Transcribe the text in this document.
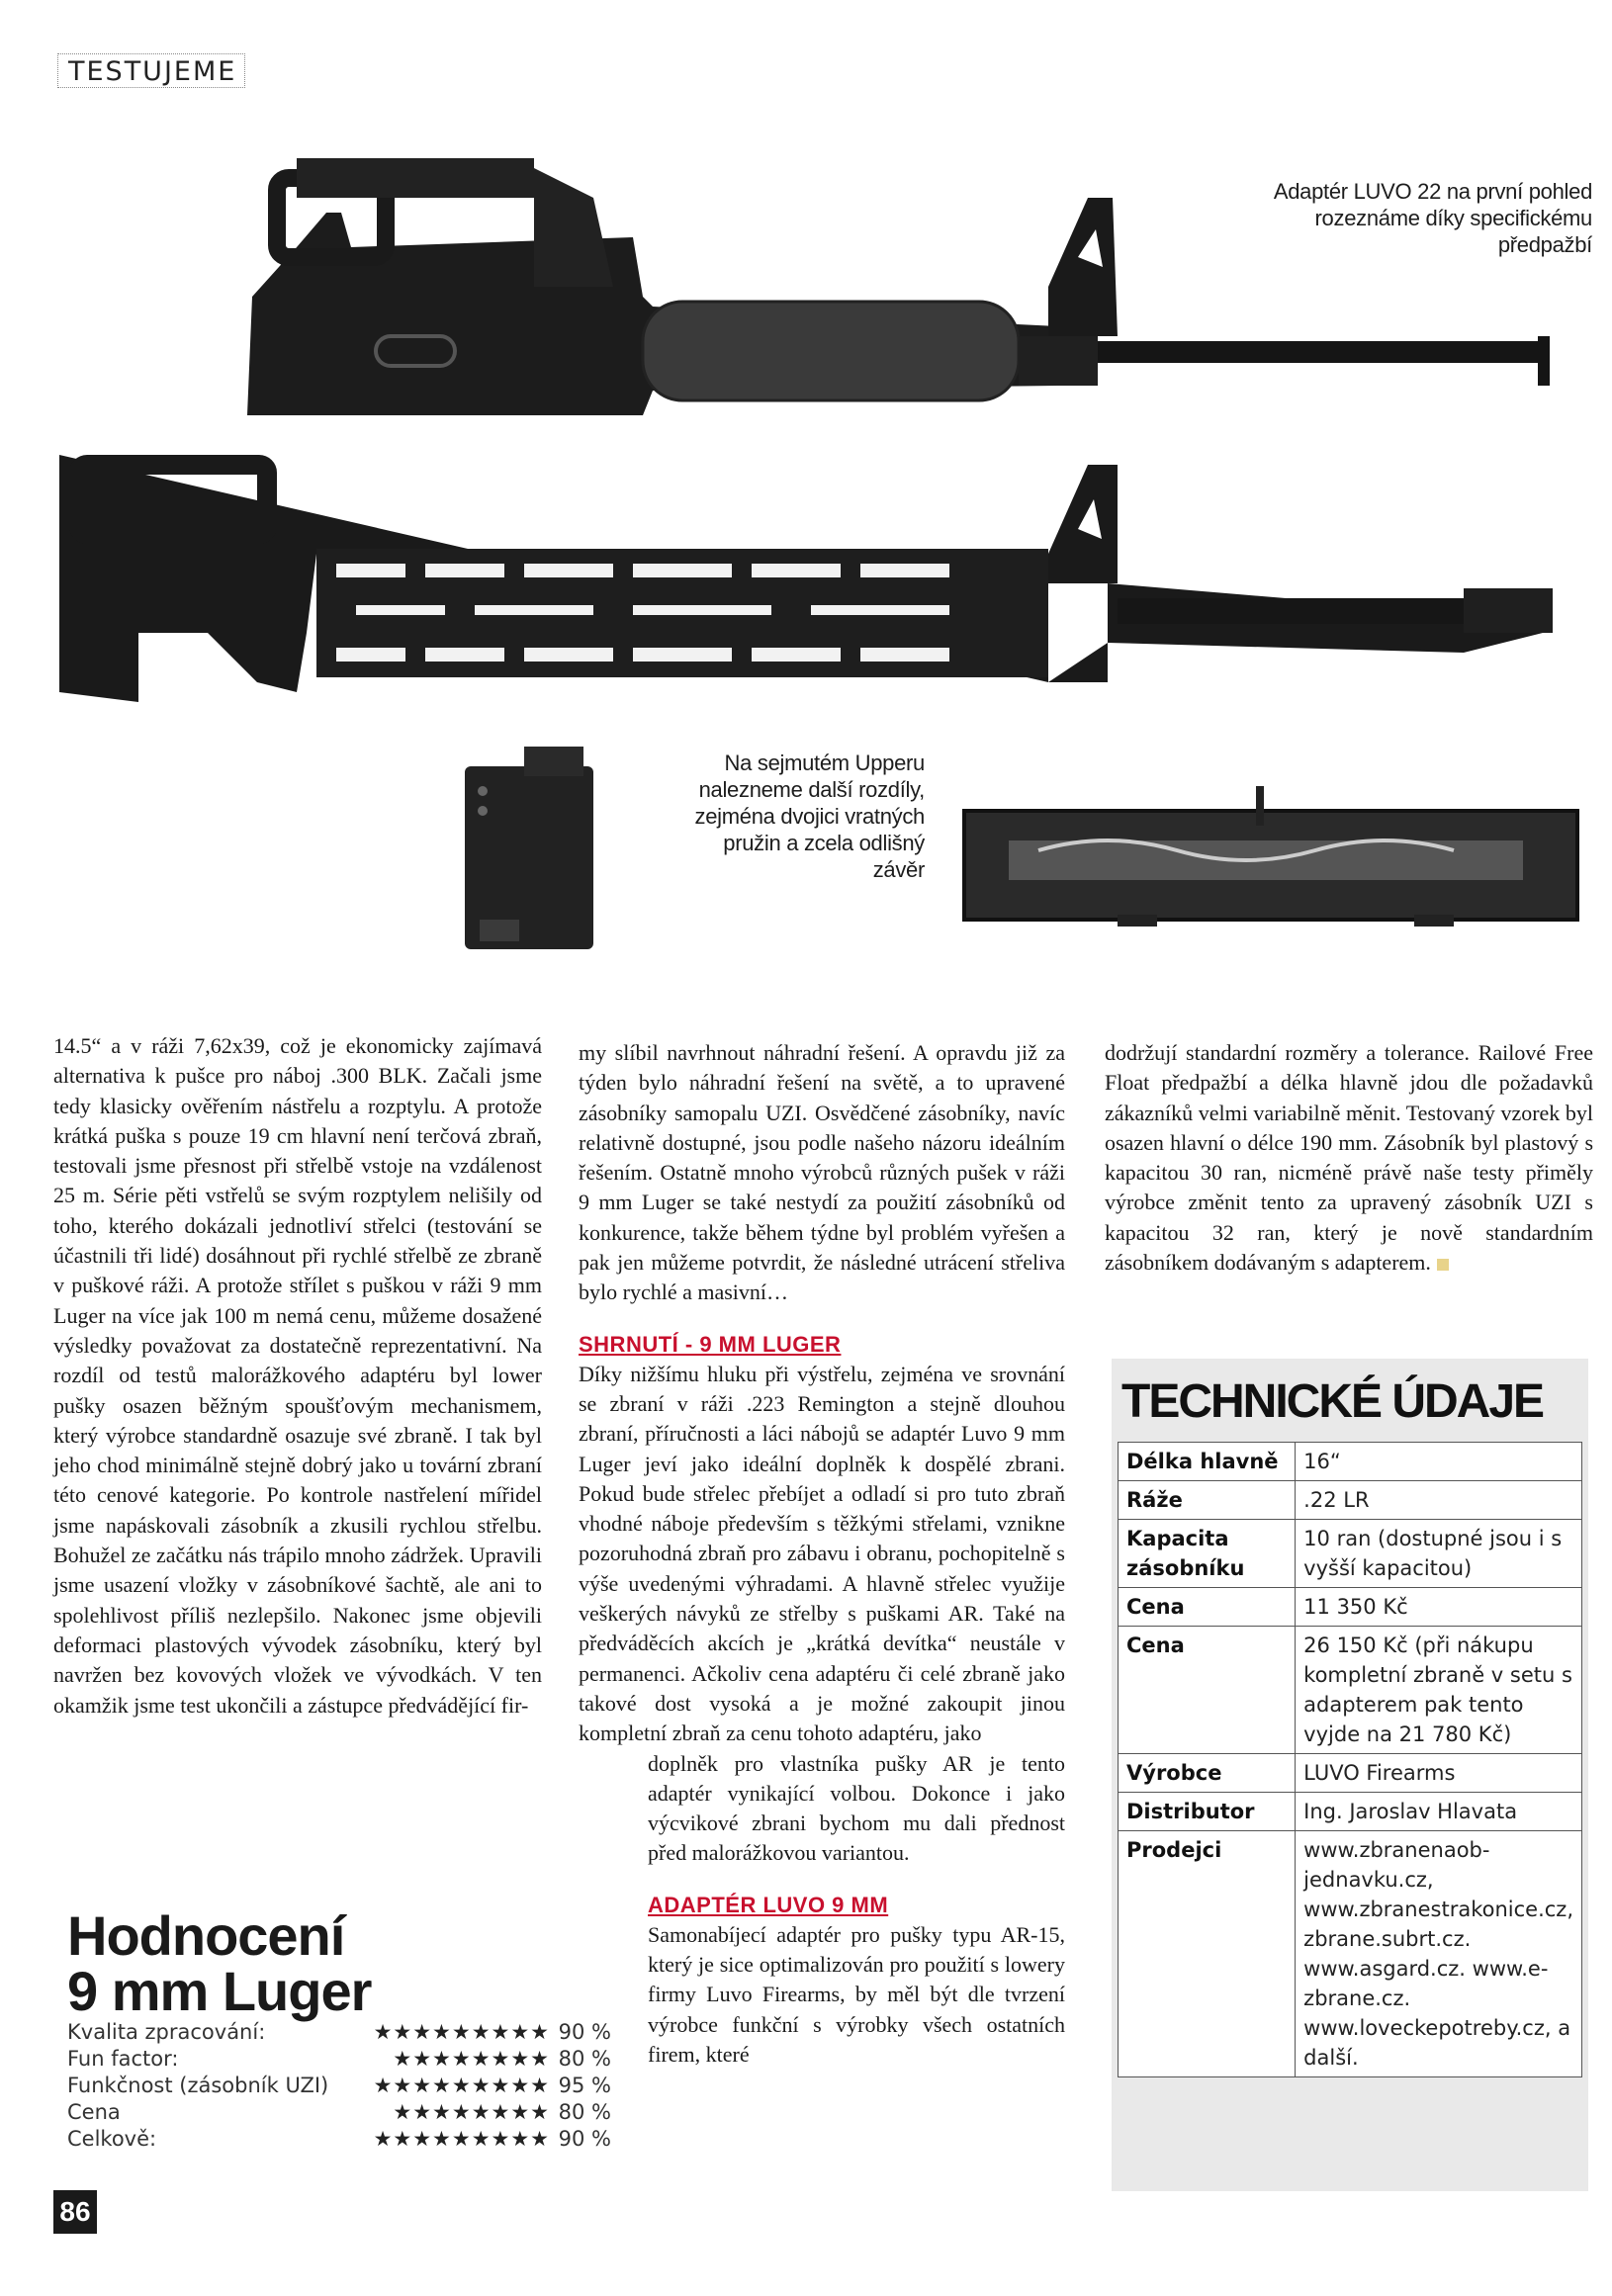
TESTUJEME
Adaptér LUVO 22 na první pohled rozeznáme díky specifickému předpažbí
Na sejmutém Upperu nalezneme další rozdíly, zejména dvojici vratných pružin a zcela odlišný závěr

14.5“ a v ráži 7,62x39, což je ekonomicky zajímavá alternativa k pušce pro náboj .300 BLK. Začali jsme tedy klasicky ověřením nástřelu a rozptylu. A protože krátká puška s pouze 19 cm hlavní není terčová zbraň, testovali jsme přesnost při střelbě vstoje na vzdálenost 25 m. Série pěti vstřelů se svým rozptylem nelišily od toho, kterého dokázali jednotliví střelci (testování se účastnili tři lidé) dosáhnout při rychlé střelbě ze zbraně v puškové ráži. A protože střílet s puškou v ráži 9 mm Luger na více jak 100 m nemá cenu, můžeme dosažené výsledky považovat za dostatečně reprezentativní. Na rozdíl od testů malorážkového adaptéru byl lower pušky osazen běžným spoušťovým mechanismem, který výrobce standardně osazuje své zbraně. I tak byl jeho chod minimálně stejně dobrý jako u tovární zbraní této cenové kategorie. Po kontrole nastřelení mířidel jsme napáskovali zásobník a zkusili rychlou střelbu. Bohužel ze začátku nás trápilo mnoho zádržek. Upravili jsme usazení vložky v zásobníkové šachtě, ale ani to spolehlivost příliš nezlepšilo. Nakonec jsme objevili deformaci plastových vývodek zásobníku, který byl navržen bez kovových vložek ve vývodkách. V ten okamžik jsme test ukončili a zástupce předvádějící fir-

my slíbil navrhnout náhradní řešení. A opravdu již za týden bylo náhradní řešení na světě, a to upravené zásobníky samopalu UZI. Osvědčené zásobníky, navíc relativně dostupné, jsou podle našeho názoru ideálním řešením. Ostatně mnoho výrobců různých pušek v ráži 9 mm Luger se také nestydí za použití zásobníků od konkurence, takže během týdne byl problém vyřešen a pak jen můžeme potvrdit, že následné utrácení střeliva bylo rychlé a masivní…

SHRNUTÍ - 9 MM LUGER

Díky nižšímu hluku při výstřelu, zejména ve srovnání se zbraní v ráži .223 Remington a stejně dlouhou zbraní, příručnosti a láci nábojů se adaptér Luvo 9 mm Luger jeví jako ideální doplněk k dospělé zbrani. Pokud bude střelec přebíjet a odladí si pro tuto zbraň vhodné náboje především s těžkými střelami, vznikne pozoruhodná zbraň pro zábavu i obranu, pochopitelně s výše uvedenými výhradami. A hlavně střelec využije veškerých návyků ze střelby s puškami AR. Také na předváděcích akcích je „krátká devítka“ neustále v permanenci. Ačkoliv cena adaptéru či celé zbraně jako takové dost vysoká a je možné zakoupit jinou kompletní zbraň za cenu tohoto adaptéru, jako

doplněk pro vlastníka pušky AR je tento adaptér vynikající volbou. Dokonce i jako výcvikové zbrani bychom mu dali přednost před malorážkovou variantou.

ADAPTÉR LUVO 9 MM

Samonabíjecí adaptér pro pušky typu AR-15, který je sice optimalizován pro použití s lowery firmy Luvo Firearms, by měl být dle tvrzení výrobce funkční s výrobky všech ostatních firem, které

dodržují standardní rozměry a tolerance. Railové Free Float předpažbí a délka hlavně jdou dle požadavků zákazníků velmi variabilně měnit. Testovaný vzorek byl osazen hlavní o délce 190 mm. Zásobník byl plastový s kapacitou 30 ran, nicméně právě naše testy přiměly výrobce změnit tento za upravený zásobník UZI s kapacitou 32 ran, který je nově standardním zásobníkem dodávaným s adapterem.

Hodnocení

9 mm Luger

Kvalita zpracování:	★★★★★★★★★ 90 %
Fun factor:	★★★★★★★★ 80 %
Funkčnost (zásobník UZI)	★★★★★★★★★ 95 %
Cena	★★★★★★★★ 80 %
Celkově:	★★★★★★★★★ 90 %
86
TECHNICKÉ ÚDAJE
Délka hlavně	16“
Ráže	.22 LR
Kapacita zásobníku	10 ran (dostupné jsou i s vyšší kapacitou)
Cena	11 350 Kč
Cena	26 150 Kč (při nákupu kompletní zbraně v setu s adapterem pak tento vyjde na 21 780 Kč)
Výrobce	LUVO Firearms
Distributor	Ing. Jaroslav Hlavata
Prodejci	www.zbranenaobjednavku.cz, www.zbranestrakonice.cz, zbrane.subrt.cz. www.asgard.cz. www.e-zbrane.cz. www.loveckepotreby.cz, a další.
